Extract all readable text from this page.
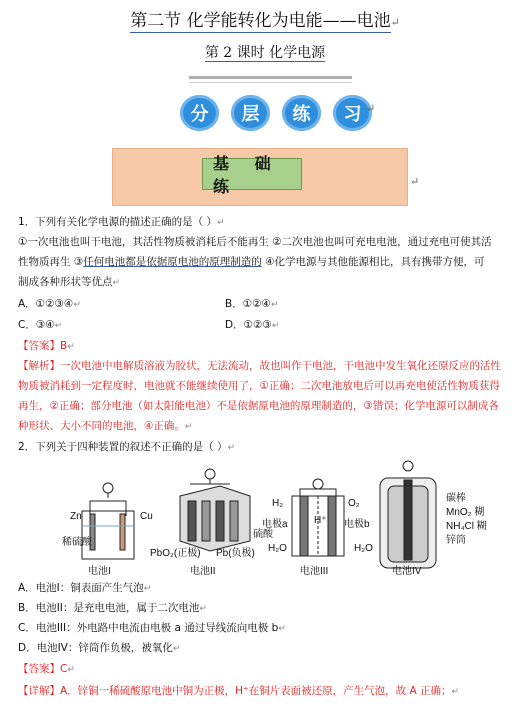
第二节 化学能转化为电能——电池↵
第 2 课时 化学电源
分	层	练	习 ↵
基 础 练	↵
1．下列有关化学电源的描述正确的是（ ）↵
①一次电池也叫干电池，其活性物质被消耗后不能再生 ②二次电池也叫可充电电池，通过充电可使其活
性物质再生 ③任何电池都是依据原电池的原理制造的 ④化学电源与其他能源相比，具有携带方便，可
制成各种形状等优点↵
A．①②③④↵	B．①②④↵
C．③④↵	D．①②③↵
【答案】B↵
【解析】一次电池中电解质溶液为胶状，无法流动，故也叫作干电池，干电池中发生氧化还原反应的活性
物质被消耗到一定程度时，电池就不能继续使用了，①正确；二次电池放电后可以再充电使活性物质获得
再生，②正确；部分电池（如太阳能电池）不是依据原电池的原理制造的，③错误；化学电源可以制成各
种形状、大小不同的电池，④正确。↵
2．下列关于四种装置的叙述不正确的是（ ）↵
Zn	Cu
稀硫酸
电池I
硫酸
PbO₂(正极) Pb(负极)
电池II
H₂	O₂
电极a	H⁺ 电极b
H₂O	H₂O
电池III
碳棒
MnO₂ 糊
NH₄Cl 糊
锌筒
电池IV
A．电池I：铜表面产生气泡↵
B．电池II：是充电电池，属于二次电池↵
C．电池III：外电路中电流由电极 a 通过导线流向电极 b↵
D．电池IV：锌筒作负极，被氧化↵
【答案】C↵
【详解】A．锌铜一稀硫酸原电池中铜为正极，H⁺在铜片表面被还原，产生气泡，故 A 正确；↵
